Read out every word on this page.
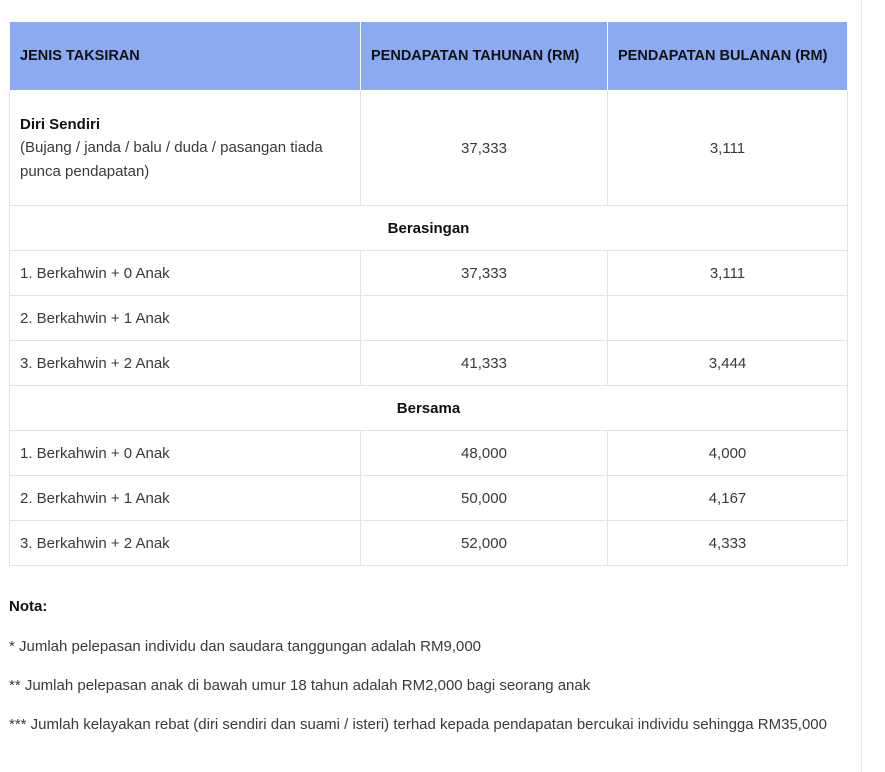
JENIS TAKSIRAN	PENDAPATAN TAHUNAN (RM)	PENDAPATAN BULANAN (RM)

Diri Sendiri
(Bujang / janda / balu / duda / pasangan tiada punca pendapatan)	37,333	3,111
Berasingan		
1. Berkahwin + 0 Anak	37,333	3,111
2. Berkahwin + 1 Anak		
3. Berkahwin + 2 Anak	41,333	3,444
Bersama		
1. Berkahwin + 0 Anak	48,000	4,000
2. Berkahwin + 1 Anak	50,000	4,167
3. Berkahwin + 2 Anak	52,000	4,333
Nota:

* Jumlah pelepasan individu dan saudara tanggungan adalah RM9,000

** Jumlah pelepasan anak di bawah umur 18 tahun adalah RM2,000 bagi seorang anak

*** Jumlah kelayakan rebat (diri sendiri dan suami / isteri) terhad kepada pendapatan bercukai individu sehingga RM35,000
